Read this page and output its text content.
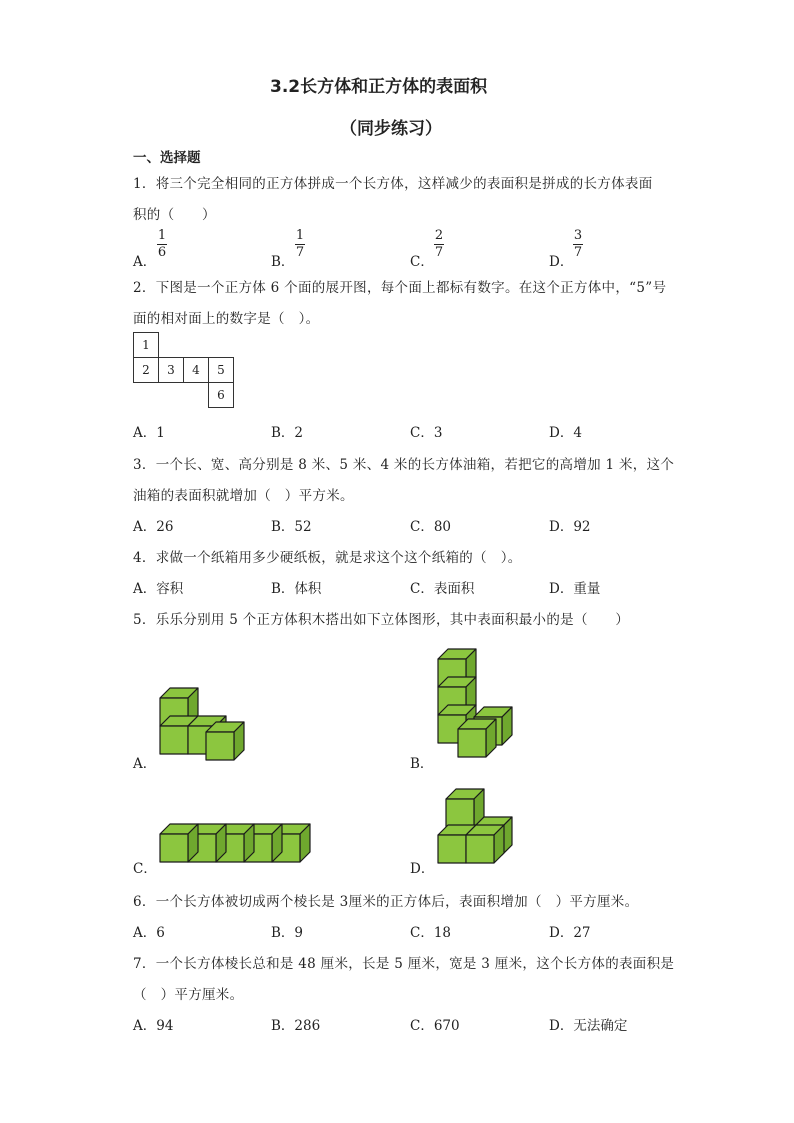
3.2长方体和正方体的表面积
（同步练习）
一、选择题
1．将三个完全相同的正方体拼成一个长方体，这样减少的表面积是拼成的长方体表面
积的（　　）
A．
1
6
B．
1
7
C．
2
7
D．
3
7
2．下图是一个正方体 6 个面的展开图，每个面上都标有数字。在这个正方体中，“5”号
面的相对面上的数字是（　）。
1			
2	3	4	5
			6
A．1	B．2	C．3	D．4
3．一个长、宽、高分别是 8 米、5 米、4 米的长方体油箱，若把它的高增加 1 米，这个
油箱的表面积就增加（　）平方米。
A．26	B．52	C．80	D．92
4．求做一个纸箱用多少硬纸板，就是求这个这个纸箱的（　）。
A．容积	B．体积	C．表面积	D．重量
5．乐乐分别用 5 个正方体积木搭出如下立体图形，其中表面积最小的是（　　）
A．	B．
C．	D．
6．一个长方体被切成两个棱长是 3厘米的正方体后，表面积增加（　）平方厘米。
A．6	B．9	C．18	D．27
7．一个长方体棱长总和是 48 厘米，长是 5 厘米，宽是 3 厘米，这个长方体的表面积是
（　）平方厘米。
A．94	B．286	C．670	D．无法确定
